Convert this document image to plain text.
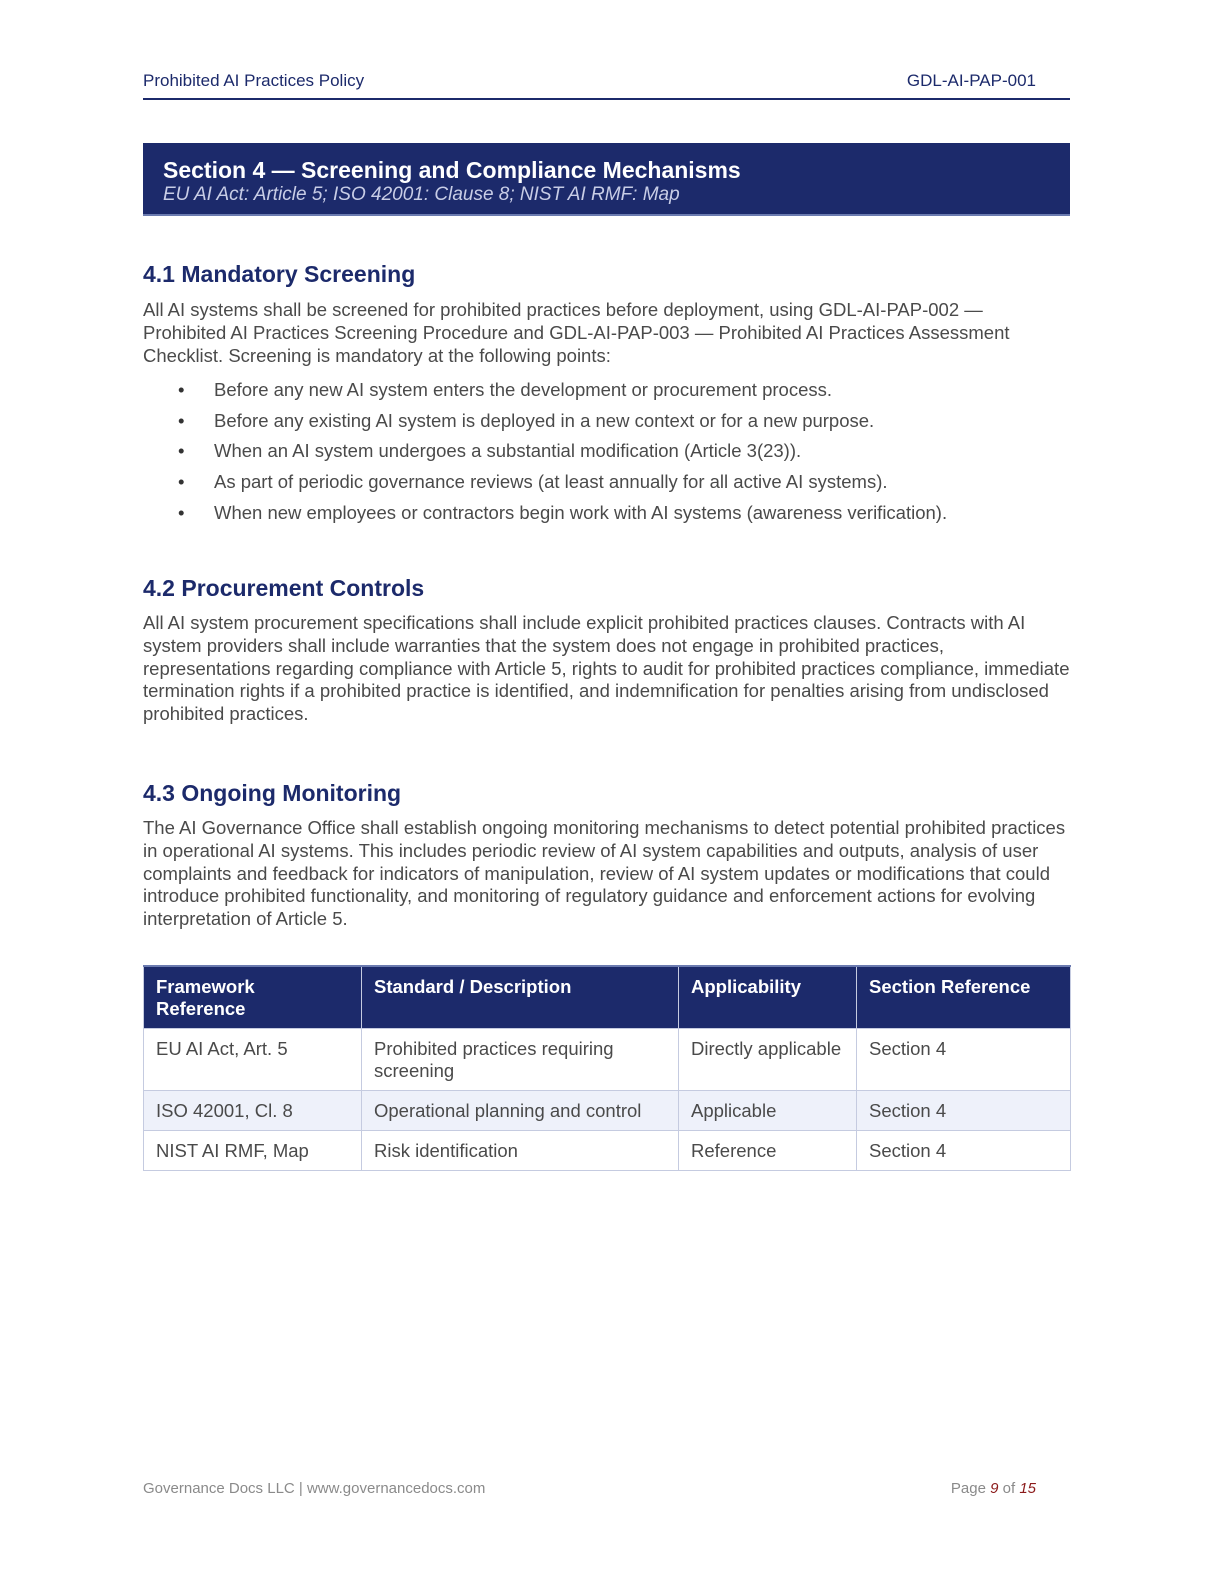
Prohibited AI Practices Policy	GDL-AI-PAP-001
Section 4 — Screening and Compliance Mechanisms
EU AI Act: Article 5; ISO 42001: Clause 8; NIST AI RMF: Map
4.1 Mandatory Screening

All AI systems shall be screened for prohibited practices before deployment, using GDL-AI-PAP-002 — Prohibited AI Practices Screening Procedure and GDL-AI-PAP-003 — Prohibited AI Practices Assessment Checklist. Screening is mandatory at the following points:

• Before any new AI system enters the development or procurement process.
• Before any existing AI system is deployed in a new context or for a new purpose.
• When an AI system undergoes a substantial modification (Article 3(23)).
• As part of periodic governance reviews (at least annually for all active AI systems).
• When new employees or contractors begin work with AI systems (awareness verification).
4.2 Procurement Controls

All AI system procurement specifications shall include explicit prohibited practices clauses. Contracts with AI system providers shall include warranties that the system does not engage in prohibited practices, representations regarding compliance with Article 5, rights to audit for prohibited practices compliance, immediate termination rights if a prohibited practice is identified, and indemnification for penalties arising from undisclosed prohibited practices.

4.3 Ongoing Monitoring

The AI Governance Office shall establish ongoing monitoring mechanisms to detect potential prohibited practices in operational AI systems. This includes periodic review of AI system capabilities and outputs, analysis of user complaints and feedback for indicators of manipulation, review of AI system updates or modifications that could introduce prohibited functionality, and monitoring of regulatory guidance and enforcement actions for evolving interpretation of Article 5.

Framework Reference	Standard / Description	Applicability	Section Reference
EU AI Act, Art. 5	Prohibited practices requiring screening	Directly applicable	Section 4
ISO 42001, Cl. 8	Operational planning and control	Applicable	Section 4
NIST AI RMF, Map	Risk identification	Reference	Section 4
Governance Docs LLC | www.governancedocs.com	Page 9 of 15
